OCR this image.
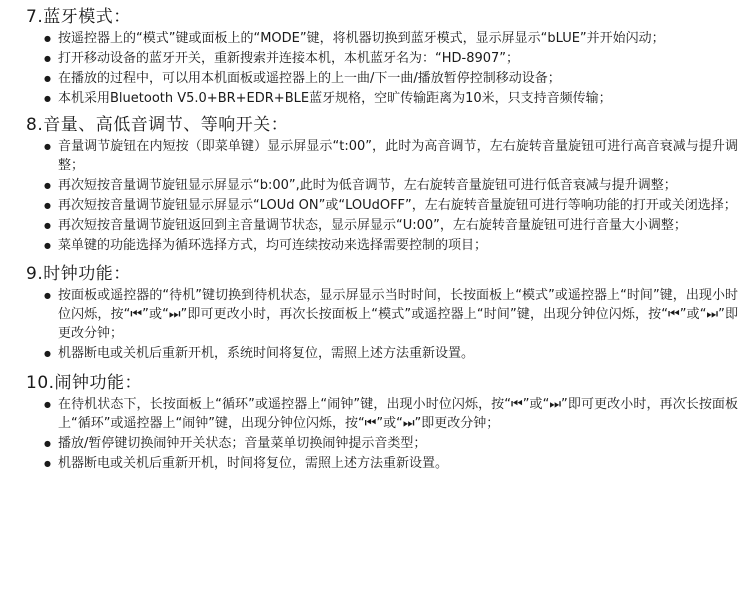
7.蓝牙模式：
● 按遥控器上的“模式”键或面板上的“MODE”键，将机器切换到蓝牙模式，显示屏显示“bLUE”并开始闪动；
● 打开移动设备的蓝牙开关，重新搜索并连接本机，本机蓝牙名为：“HD-8907”；
● 在播放的过程中，可以用本机面板或遥控器上的上一曲/下一曲/播放暂停控制移动设备；
● 本机采用Bluetooth V5.0+BR+EDR+BLE蓝牙规格，空旷传输距离为10米，只支持音频传输；
8.音量、高低音调节、等响开关：
● 音量调节旋钮在内短按（即菜单键）显示屏显示“t:00”，此时为高音调节，左右旋转音量旋钮可进行高音衰减与提升调整；
● 再次短按音量调节旋钮显示屏显示“b:00”,此时为低音调节，左右旋转音量旋钮可进行低音衰减与提升调整；
● 再次短按音量调节旋钮显示屏显示“LOUd ON”或“LOUdOFF”，左右旋转音量旋钮可进行等响功能的打开或关闭选择；
● 再次短按音量调节旋钮返回到主音量调节状态，显示屏显示“U:00”，左右旋转音量旋钮可进行音量大小调整；
● 菜单键的功能选择为循环选择方式，均可连续按动来选择需要控制的项目；
9.时钟功能：
● 按面板或遥控器的“待机”键切换到待机状态，显示屏显示当时时间，长按面板上“模式”或遥控器上“时间”键，出现小时位闪烁，按“⏮”或“⏭”即可更改小时，再次长按面板上“模式”或遥控器上“时间”键，出现分钟位闪烁，按“⏮”或“⏭”即更改分钟；
● 机器断电或关机后重新开机，系统时间将复位，需照上述方法重新设置。
10.闹钟功能：
● 在待机状态下，长按面板上“循环”或遥控器上“闹钟”键，出现小时位闪烁，按“⏮”或“⏭”即可更改小时，再次长按面板上“循环”或遥控器上“闹钟”键，出现分钟位闪烁，按“⏮”或“⏭”即更改分钟；
● 播放/暂停键切换闹钟开关状态；音量菜单切换闹钟提示音类型；
● 机器断电或关机后重新开机，时间将复位，需照上述方法重新设置。
